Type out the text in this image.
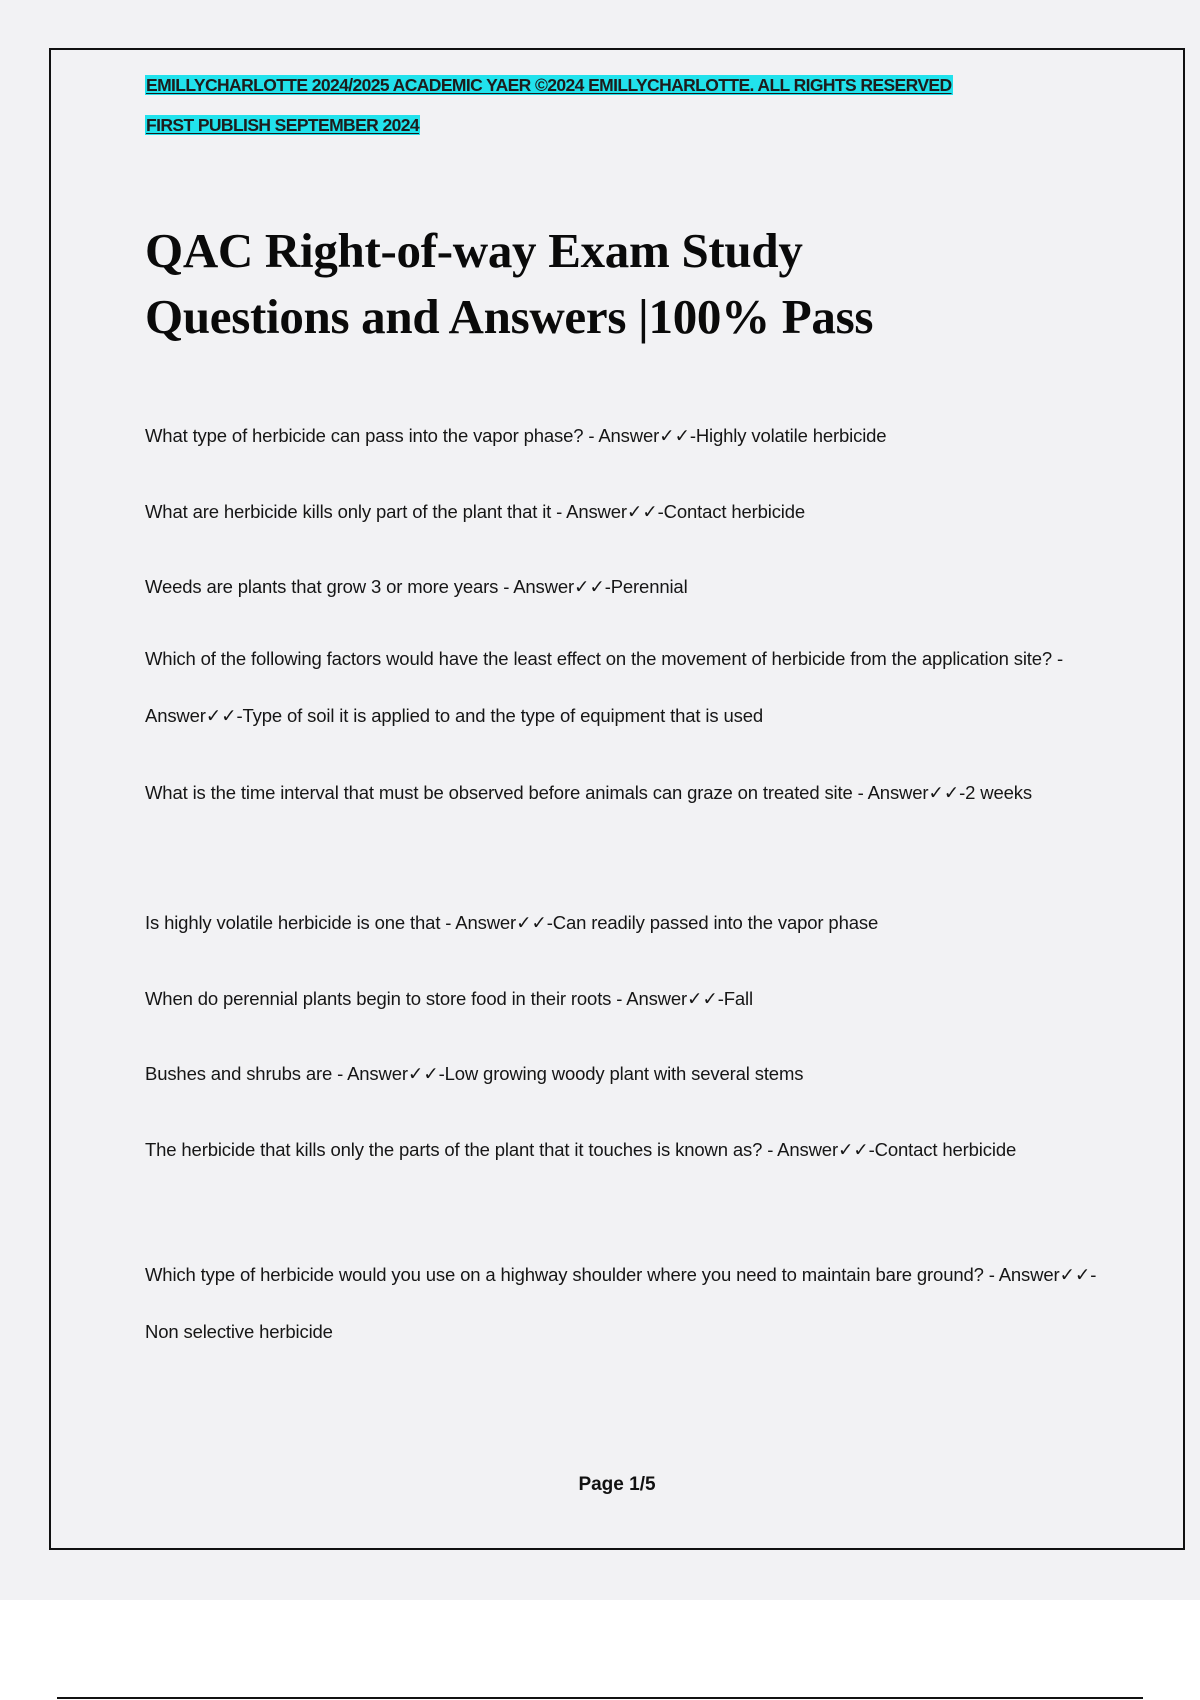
EMILLYCHARLOTTE 2024/2025 ACADEMIC YAER ©2024 EMILLYCHARLOTTE. ALL RIGHTS RESERVED
FIRST PUBLISH SEPTEMBER 2024
QAC Right-of-way Exam Study
Questions and Answers |100% Pass
What type of herbicide can pass into the vapor phase? - Answer✓✓-Highly volatile herbicide
What are herbicide kills only part of the plant that it - Answer✓✓-Contact herbicide
Weeds are plants that grow 3 or more years - Answer✓✓-Perennial
Which of the following factors would have the least effect on the movement of herbicide from the application site? - Answer✓✓-Type of soil it is applied to and the type of equipment that is used
What is the time interval that must be observed before animals can graze on treated site - Answer✓✓-2 weeks
Is highly volatile herbicide is one that - Answer✓✓-Can readily passed into the vapor phase
When do perennial plants begin to store food in their roots - Answer✓✓-Fall
Bushes and shrubs are - Answer✓✓-Low growing woody plant with several stems
The herbicide that kills only the parts of the plant that it touches is known as? - Answer✓✓-Contact herbicide
Which type of herbicide would you use on a highway shoulder where you need to maintain bare ground? - Answer✓✓-Non selective herbicide
Page 1/5
